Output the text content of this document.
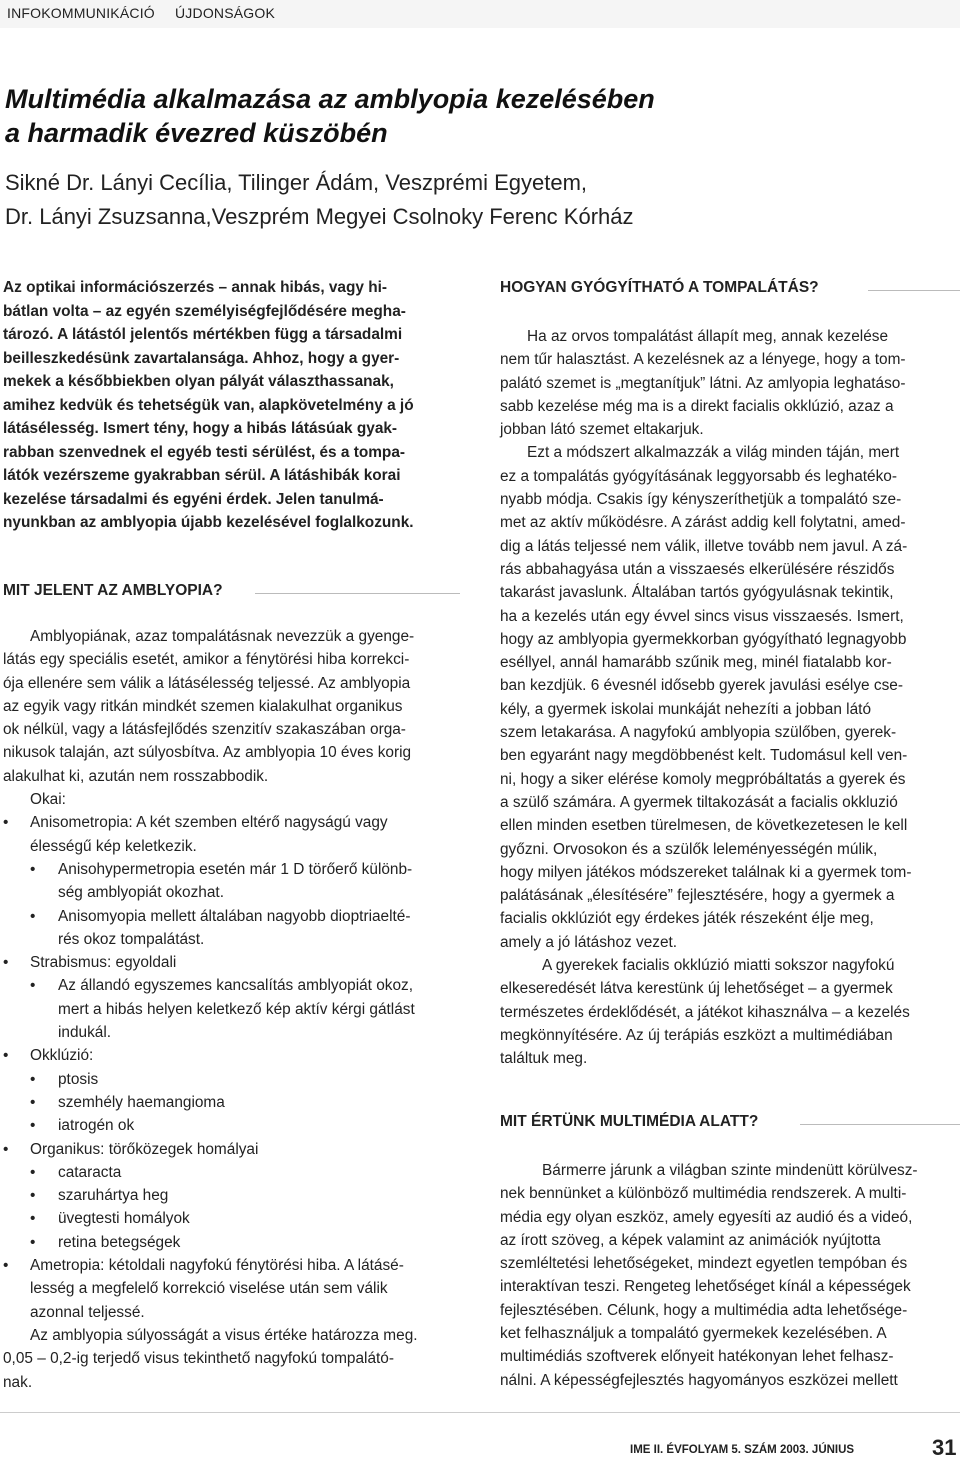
INFOKOMMUNIKÁCIÓ ÚJDONSÁGOK
Multimédia alkalmazása az amblyopia kezelésében
a harmadik évezred küszöbén
Sikné Dr. Lányi Cecília, Tilinger Ádám, Veszprémi Egyetem,
Dr. Lányi Zsuzsanna,Veszprém Megyei Csolnoky Ferenc Kórház
Az optikai információszerzés – annak hibás, vagy hi-
bátlan volta – az egyén személyiségfejlődésére megha-
tározó. A látástól jelentős mértékben függ a társadalmi
beilleszkedésünk zavartalansága. Ahhoz, hogy a gyer-
mekek a későbbiekben olyan pályát választhassanak,
amihez kedvük és tehetségük van, alapkövetelmény a jó
látásélesség. Ismert tény, hogy a hibás látásúak gyak-
rabban szenvednek el egyéb testi sérülést, és a tompa-
látók vezérszeme gyakrabban sérül. A látáshibák korai
kezelése társadalmi és egyéni érdek. Jelen tanulmá-
nyunkban az amblyopia újabb kezelésével foglalkozunk.
MIT JELENT AZ AMBLYOPIA?
Amblyopiának, azaz tompalátásnak nevezzük a gyenge-
látás egy speciális esetét, amikor a fénytörési hiba korrekci-
ója ellenére sem válik a látásélesség teljessé. Az amblyopia
az egyik vagy ritkán mindkét szemen kialakulhat organikus
ok nélkül, vagy a látásfejlődés szenzitív szakaszában orga-
nikusok talaján, azt súlyosbítva. Az amblyopia 10 éves korig
alakulhat ki, azután nem rosszabbodik.
Okai:
• Anisometropia: A két szemben eltérő nagyságú vagy
élességű kép keletkezik.
• Anisohypermetropia esetén már 1 D törőerő különb-
ség amblyopiát okozhat.
• Anisomyopia mellett általában nagyobb dioptriaelté-
rés okoz tompalátást.
• Strabismus: egyoldali
• Az állandó egyszemes kancsalítás amblyopiát okoz,
mert a hibás helyen keletkező kép aktív kérgi gátlást
indukál.
• Okklúzió:
• ptosis
• szemhély haemangioma
• iatrogén ok
• Organikus: törőközegek homályai
• cataracta
• szaruhártya heg
• üvegtesti homályok
• retina betegségek
• Ametropia: kétoldali nagyfokú fénytörési hiba. A látásé-
lesség a megfelelő korrekció viselése után sem válik
azonnal teljessé.
Az amblyopia súlyosságát a visus értéke határozza meg.
0,05 – 0,2-ig terjedő visus tekinthető nagyfokú tompalátó-
nak.
HOGYAN GYÓGYÍTHATÓ A TOMPALÁTÁS?
Ha az orvos tompalátást állapít meg, annak kezelése
nem tűr halasztást. A kezelésnek az a lényege, hogy a tom-
palátó szemet is „megtanítjuk” látni. Az amlyopia leghatáso-
sabb kezelése még ma is a direkt facialis okklúzió, azaz a
jobban látó szemet eltakarjuk.
Ezt a módszert alkalmazzák a világ minden táján, mert
ez a tompalátás gyógyításának leggyorsabb és leghatéko-
nyabb módja. Csakis így kényszeríthetjük a tompalátó sze-
met az aktív működésre. A zárást addig kell folytatni, amed-
dig a látás teljessé nem válik, illetve tovább nem javul. A zá-
rás abbahagyása után a visszaesés elkerülésére részidős
takarást javaslunk. Általában tartós gyógyulásnak tekintik,
ha a kezelés után egy évvel sincs visus visszaesés. Ismert,
hogy az amblyopia gyermekkorban gyógyítható legnagyobb
eséllyel, annál hamarább szűnik meg, minél fiatalabb kor-
ban kezdjük. 6 évesnél idősebb gyerek javulási esélye cse-
kély, a gyermek iskolai munkáját nehezíti a jobban látó
szem letakarása. A nagyfokú amblyopia szülőben, gyerek-
ben egyaránt nagy megdöbbenést kelt. Tudomásul kell ven-
ni, hogy a siker elérése komoly megpróbáltatás a gyerek és
a szülő számára. A gyermek tiltakozását a facialis okkluzió
ellen minden esetben türelmesen, de következetesen le kell
győzni. Orvosokon és a szülők leleményességén múlik,
hogy milyen játékos módszereket találnak ki a gyermek tom-
palátásának „élesítésére” fejlesztésére, hogy a gyermek a
facialis okklúziót egy érdekes játék részeként élje meg,
amely a jó látáshoz vezet.
A gyerekek facialis okklúzió miatti sokszor nagyfokú
elkeseredését látva kerestünk új lehetőséget – a gyermek
természetes érdeklődését, a játékot kihasználva – a kezelés
megkönnyítésére. Az új terápiás eszközt a multimédiában
találtuk meg.
MIT ÉRTÜNK MULTIMÉDIA ALATT?
Bármerre járunk a világban szinte mindenütt körülvesz-
nek bennünket a különböző multimédia rendszerek. A multi-
média egy olyan eszköz, amely egyesíti az audió és a videó,
az írott szöveg, a képek valamint az animációk nyújtotta
szemléltetési lehetőségeket, mindezt egyetlen tempóban és
interaktívan teszi. Rengeteg lehetőséget kínál a képességek
fejlesztésében. Célunk, hogy a multimédia adta lehetősége-
ket felhasználjuk a tompalátó gyermekek kezelésében. A
multimédiás szoftverek előnyeit hatékonyan lehet felhasz-
nálni. A képességfejlesztés hagyományos eszközei mellett
IME II. ÉVFOLYAM 5. SZÁM 2003. JÚNIUS	31
